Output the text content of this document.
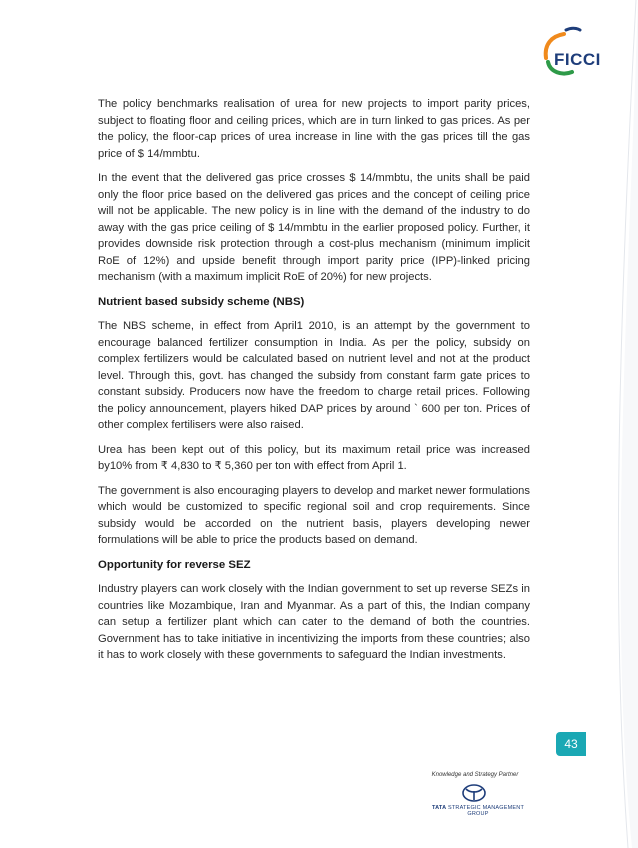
FICCI

The policy benchmarks realisation of urea for new projects to import parity prices, subject to floating floor and ceiling prices, which are in turn linked to gas prices. As per the policy, the floor-cap prices of urea increase in line with the gas prices till the gas price of $ 14/mmbtu.

In the event that the delivered gas price crosses $ 14/mmbtu, the units shall be paid only the floor price based on the delivered gas prices and the concept of ceiling price will not be applicable. The new policy is in line with the demand of the industry to do away with the gas price ceiling of $ 14/mmbtu in the earlier proposed policy. Further, it provides downside risk protection through a cost-plus mechanism (minimum implicit RoE of 12%) and upside benefit through import parity price (IPP)-linked pricing mechanism (with a maximum implicit RoE of 20%) for new projects.

Nutrient based subsidy scheme (NBS)

The NBS scheme, in effect from April1 2010, is an attempt by the government to encourage balanced fertilizer consumption in India. As per the policy, subsidy on complex fertilizers would be calculated based on nutrient level and not at the product level. Through this, govt. has changed the subsidy from constant farm gate prices to constant subsidy. Producers now have the freedom to charge retail prices. Following the policy announcement, players hiked DAP prices by around ` 600 per ton. Prices of other complex fertilisers were also raised.

Urea has been kept out of this policy, but its maximum retail price was increased by10% from ₹ 4,830 to ₹ 5,360 per ton with effect from April 1.

The government is also encouraging players to develop and market newer formulations which would be customized to specific regional soil and crop requirements. Since subsidy would be accorded on the nutrient basis, players developing newer formulations will be able to price the products based on demand.

Opportunity for reverse SEZ

Industry players can work closely with the Indian government to set up reverse SEZs in countries like Mozambique, Iran and Myanmar. As a part of this, the Indian company can setup a fertilizer plant which can cater to the demand of both the countries. Government has to take initiative in incentivizing the imports from these countries; also it has to work closely with these governments to safeguard the Indian investments.

43
Knowledge and Strategy Partner
TATA STRATEGIC MANAGEMENT GROUP
